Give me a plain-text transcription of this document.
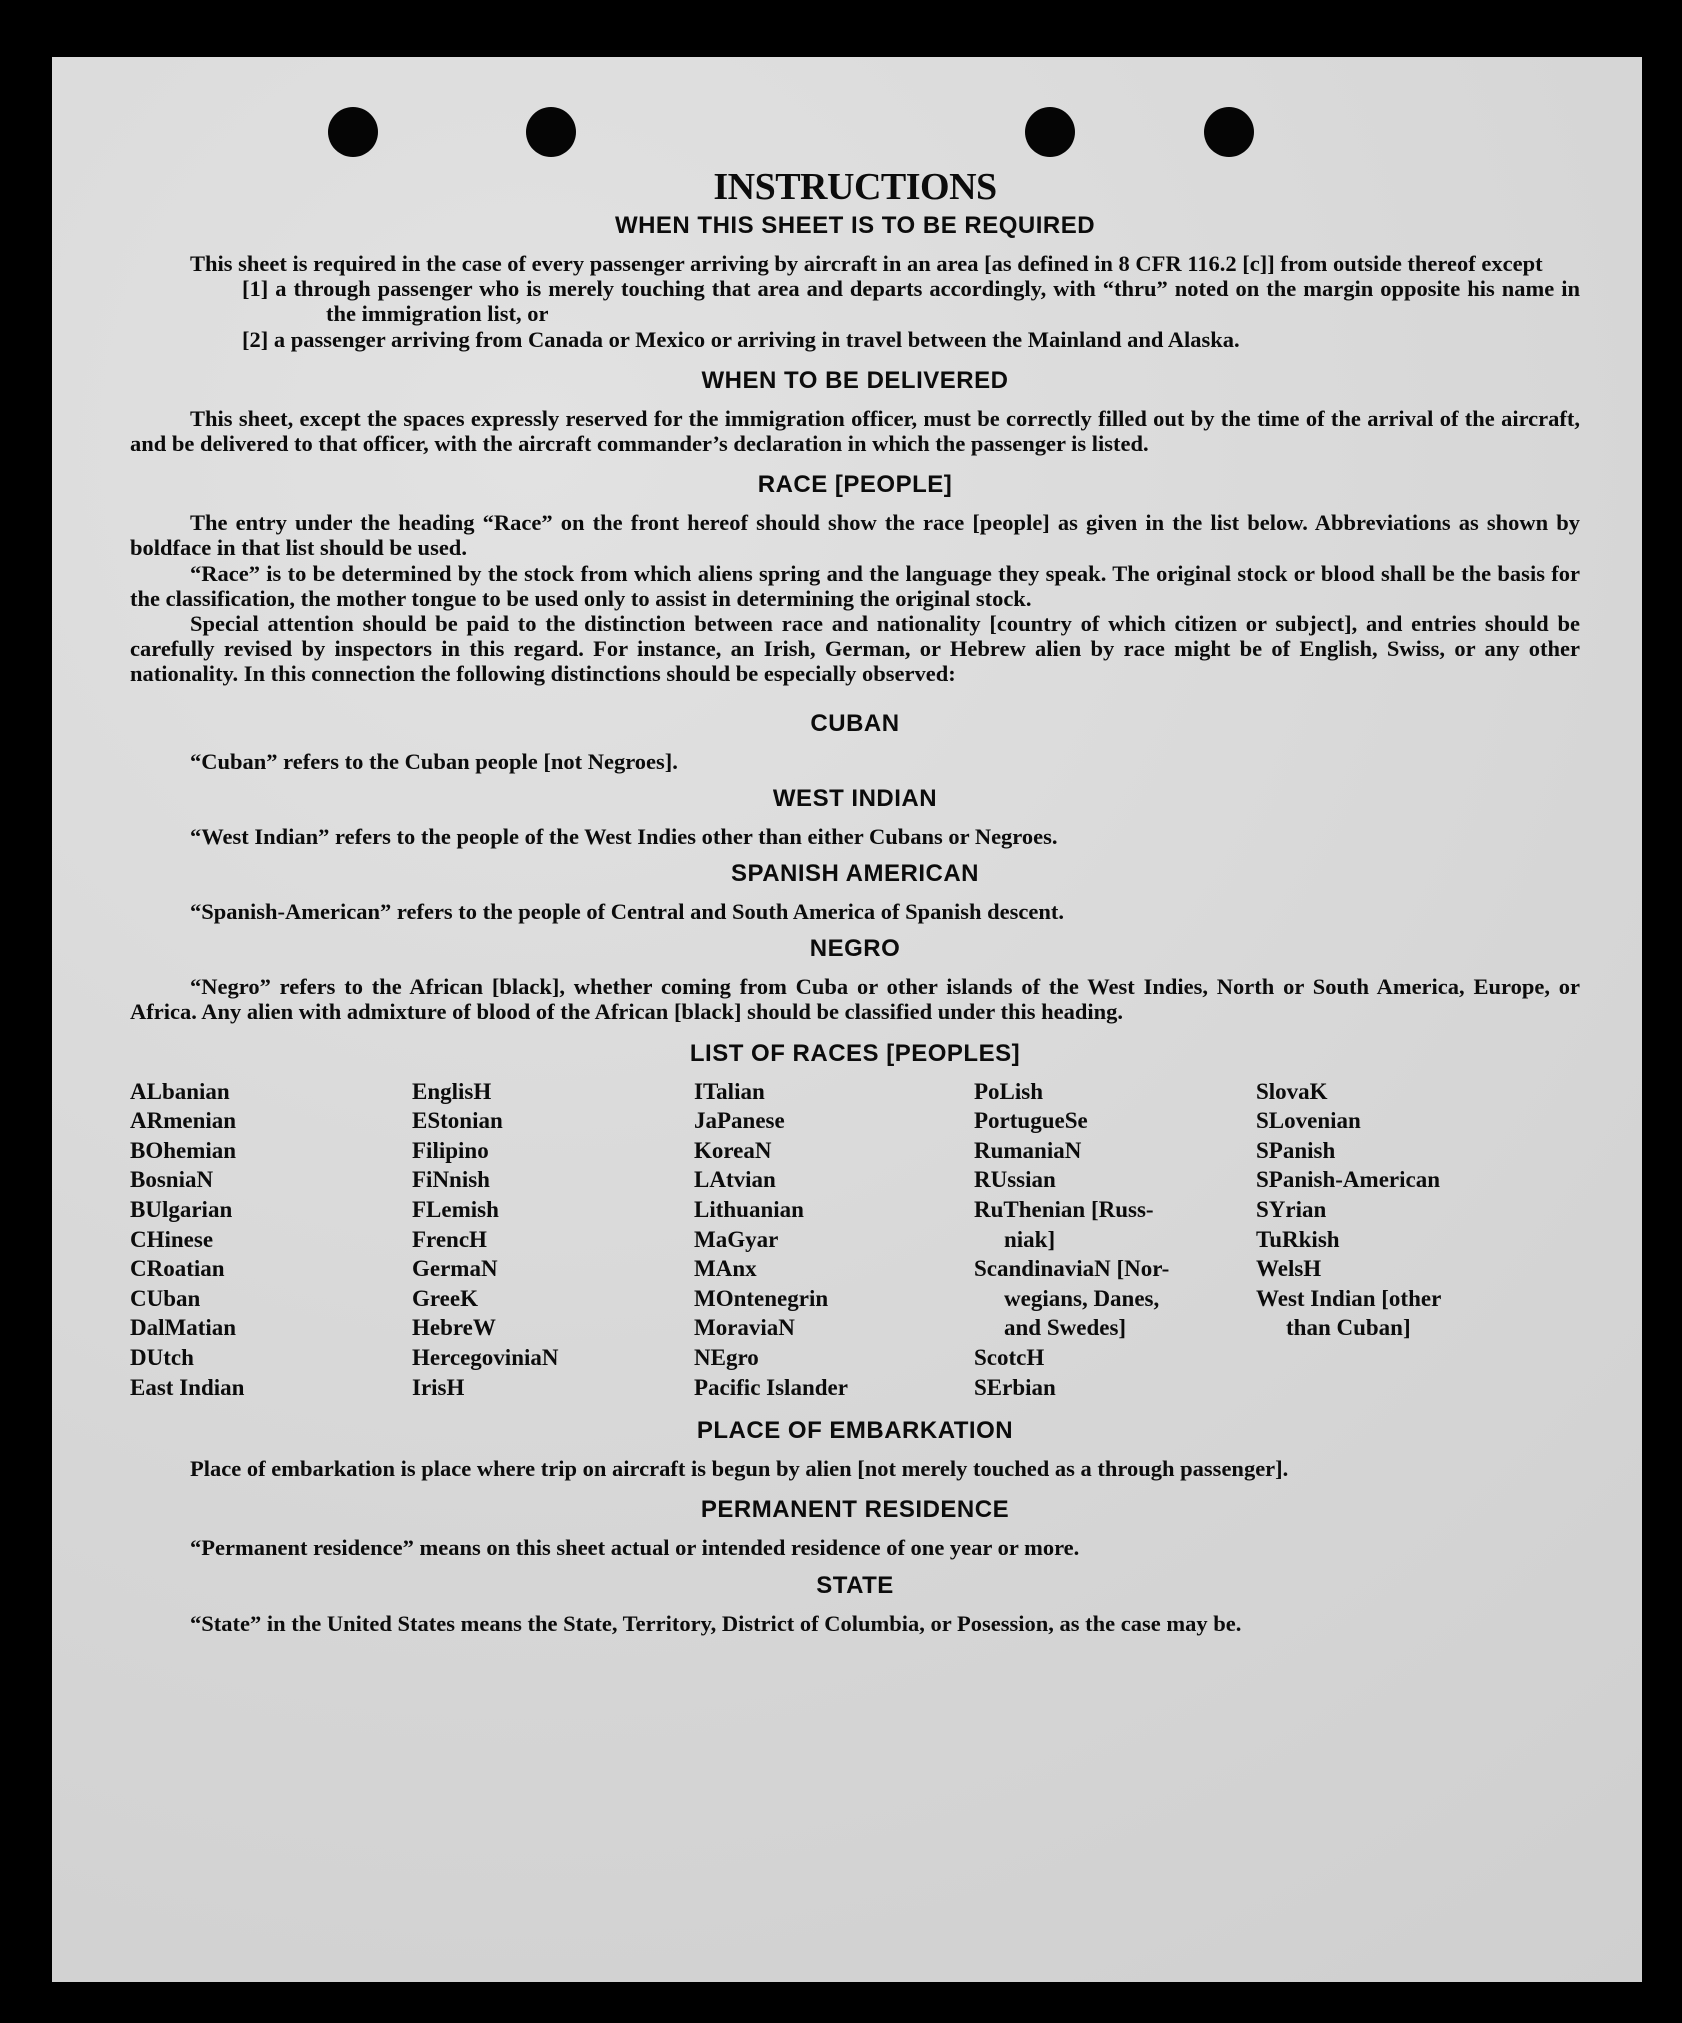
INSTRUCTIONS
WHEN THIS SHEET IS TO BE REQUIRED

This sheet is required in the case of every passenger arriving by aircraft in an area [as defined in 8 CFR 116.2 [c]] from outside thereof except

[1] a through passenger who is merely touching that area and departs accordingly, with “thru” noted on the margin opposite his name in the immigration list, or

[2] a passenger arriving from Canada or Mexico or arriving in travel between the Mainland and Alaska.

WHEN TO BE DELIVERED

This sheet, except the spaces expressly reserved for the immigration officer, must be correctly filled out by the time of the arrival of the aircraft, and be delivered to that officer, with the aircraft commander’s declaration in which the passenger is listed.

RACE [PEOPLE]

The entry under the heading “Race” on the front hereof should show the race [people] as given in the list below. Abbreviations as shown by boldface in that list should be used.

“Race” is to be determined by the stock from which aliens spring and the language they speak. The original stock or blood shall be the basis for the classification, the mother tongue to be used only to assist in determining the original stock.

Special attention should be paid to the distinction between race and nationality [country of which citizen or subject], and entries should be carefully revised by inspectors in this regard. For instance, an Irish, German, or Hebrew alien by race might be of English, Swiss, or any other nationality. In this connection the following distinctions should be especially observed:

CUBAN

“Cuban” refers to the Cuban people [not Negroes].

WEST INDIAN

“West Indian” refers to the people of the West Indies other than either Cubans or Negroes.

SPANISH AMERICAN

“Spanish-American” refers to the people of Central and South America of Spanish descent.

NEGRO

“Negro” refers to the African [black], whether coming from Cuba or other islands of the West Indies, North or South America, Europe, or Africa. Any alien with admixture of blood of the African [black] should be classified under this heading.

LIST OF RACES [PEOPLES]
ALbanian
ARmenian
BOhemian
BosniaN
BUlgarian
CHinese
CRoatian
CUban
DalMatian
DUtch
East Indian
EnglisH
EStonian
Filipino
FiNnish
FLemish
FrencH
GermaN
GreeK
HebreW
HercegoviniaN
IrisH
ITalian
JaPanese
KoreaN
LAtvian
Lithuanian
MaGyar
MAnx
MOntenegrin
MoraviaN
NEgro
Pacific Islander
PoLish
PortugueSe
RumaniaN
RUssian
RuThenian [Russ-
niak]
ScandinaviaN [Nor-
wegians, Danes,
and Swedes]
ScotcH
SErbian
SlovaK
SLovenian
SPanish
SPanish-American
SYrian
TuRkish
WelsH
West Indian [other
than Cuban]
PLACE OF EMBARKATION

Place of embarkation is place where trip on aircraft is begun by alien [not merely touched as a through passenger].

PERMANENT RESIDENCE

“Permanent residence” means on this sheet actual or intended residence of one year or more.

STATE

“State” in the United States means the State, Territory, District of Columbia, or Posession, as the case may be.
